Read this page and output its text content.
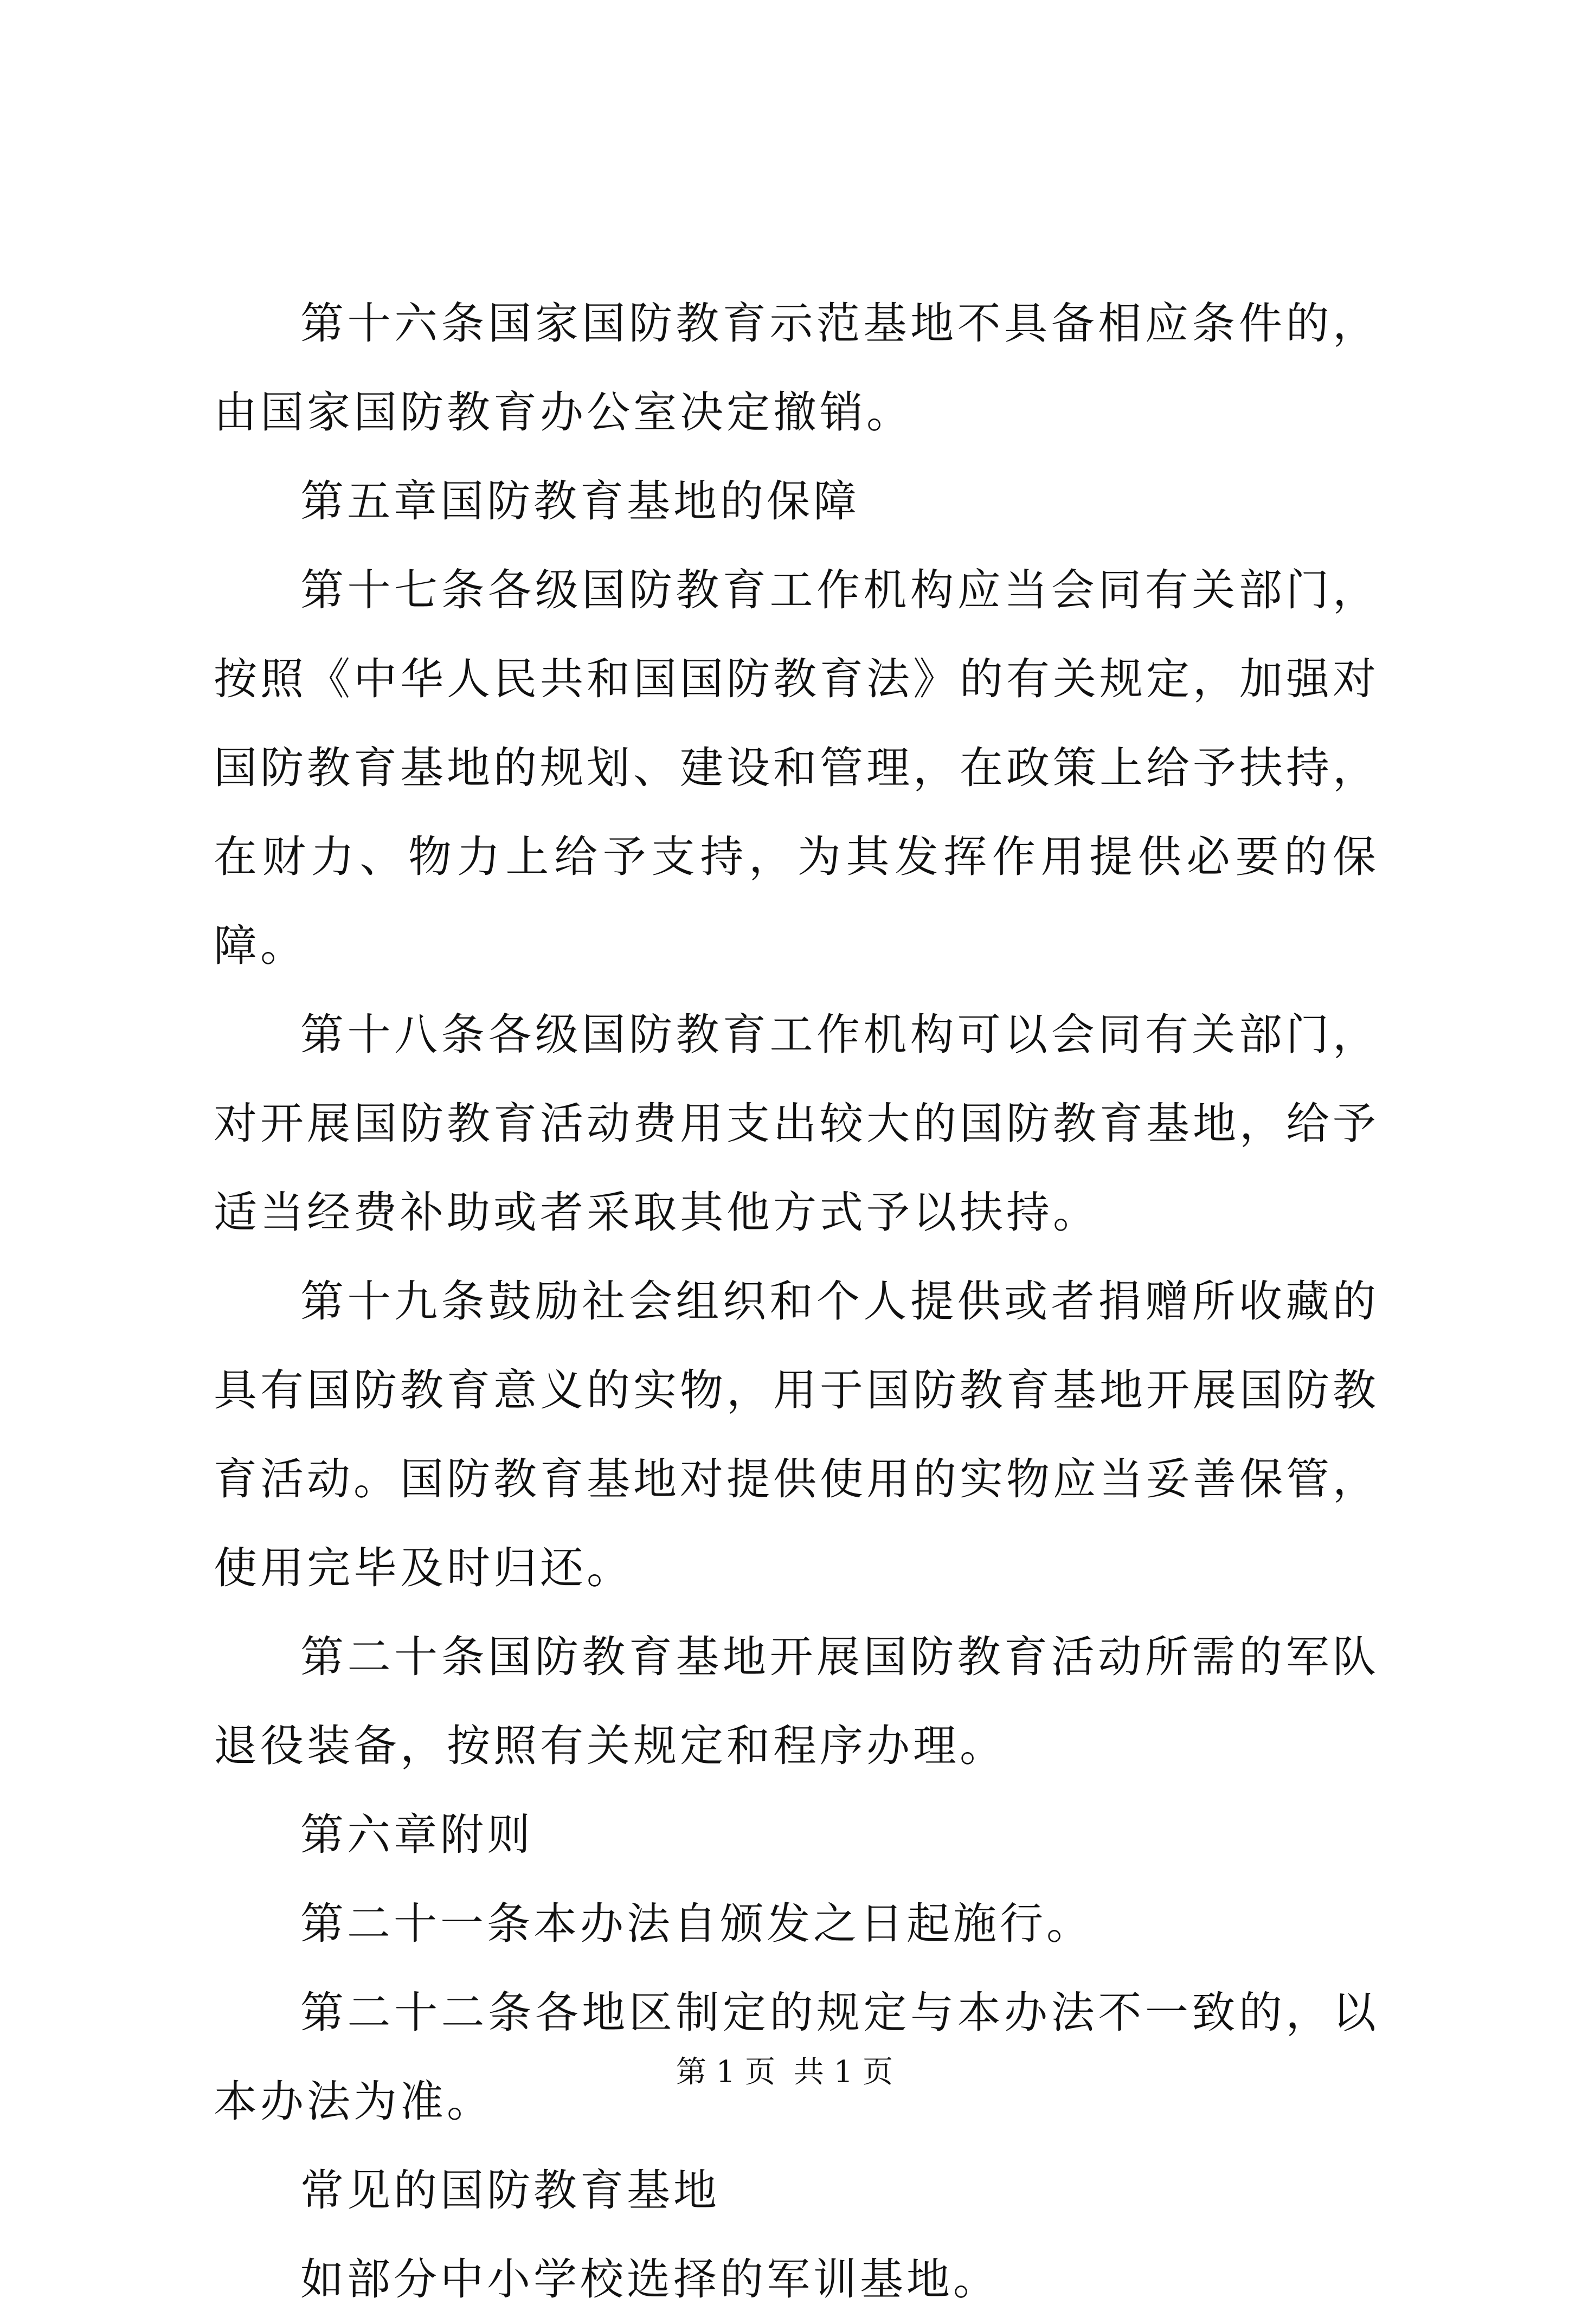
第十六条国家国防教育示范基地不具备相应条件的，由国家国防教育办公室决定撤销。

第五章国防教育基地的保障

第十七条各级国防教育工作机构应当会同有关部门，按照《中华人民共和国国防教育法》的有关规定，加强对国防教育基地的规划、建设和管理，在政策上给予扶持，在财力、物力上给予支持，为其发挥作用提供必要的保障。

第十八条各级国防教育工作机构可以会同有关部门，对开展国防教育活动费用支出较大的国防教育基地，给予适当经费补助或者采取其他方式予以扶持。

第十九条鼓励社会组织和个人提供或者捐赠所收藏的具有国防教育意义的实物，用于国防教育基地开展国防教育活动。国防教育基地对提供使用的实物应当妥善保管，使用完毕及时归还。

第二十条国防教育基地开展国防教育活动所需的军队退役装备，按照有关规定和程序办理。

第六章附则

第二十一条本办法自颁发之日起施行。

第二十二条各地区制定的规定与本办法不一致的，以本办法为准。

常见的国防教育基地

如部分中小学校选择的军训基地。

第 1 页 共 1 页
